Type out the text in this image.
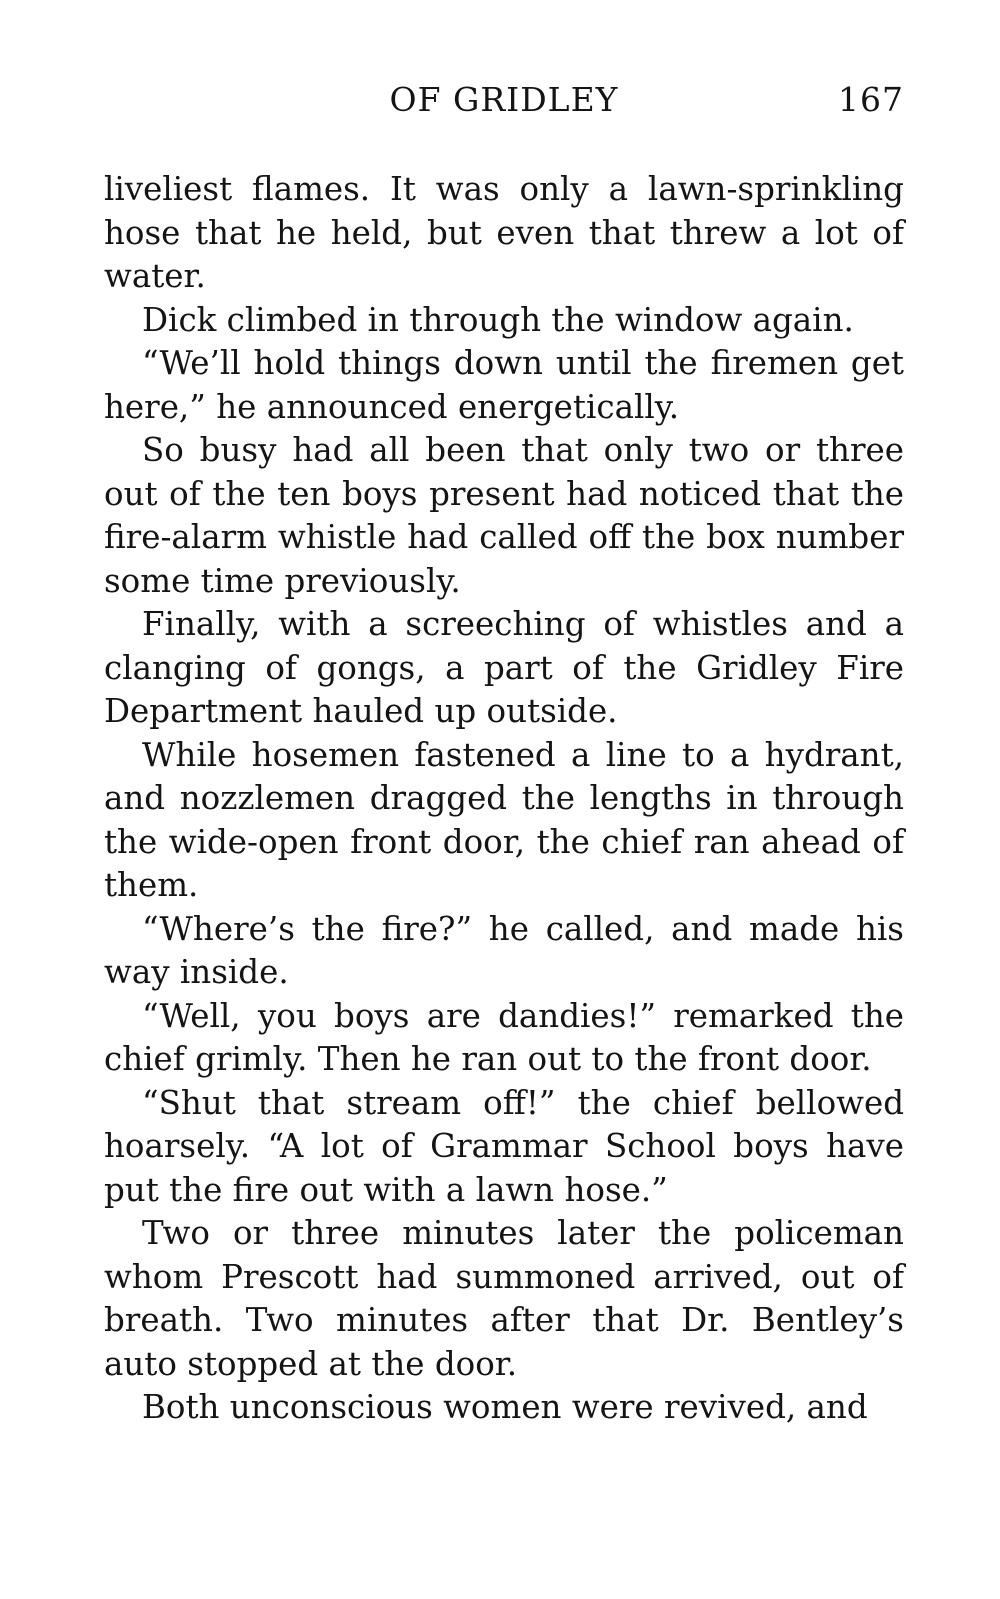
OF GRIDLEY	167

liveliest flames. It was only a lawn-sprinkling hose that he held, but even that threw a lot of water.

Dick climbed in through the window again.

“We’ll hold things down until the firemen get here,” he announced energetically.

So busy had all been that only two or three out of the ten boys present had noticed that the fire-alarm whistle had called off the box number some time previously.

Finally, with a screeching of whistles and a clanging of gongs, a part of the Gridley Fire Department hauled up outside.

While hosemen fastened a line to a hydrant, and nozzlemen dragged the lengths in through the wide-open front door, the chief ran ahead of them.

“Where’s the fire?” he called, and made his way inside.

“Well, you boys are dandies!” remarked the chief grimly. Then he ran out to the front door.

“Shut that stream off!” the chief bellowed hoarsely. “A lot of Grammar School boys have put the fire out with a lawn hose.”

Two or three minutes later the policeman whom Prescott had summoned arrived, out of breath. Two minutes after that Dr. Bentley’s auto stopped at the door.

Both unconscious women were revived, and
